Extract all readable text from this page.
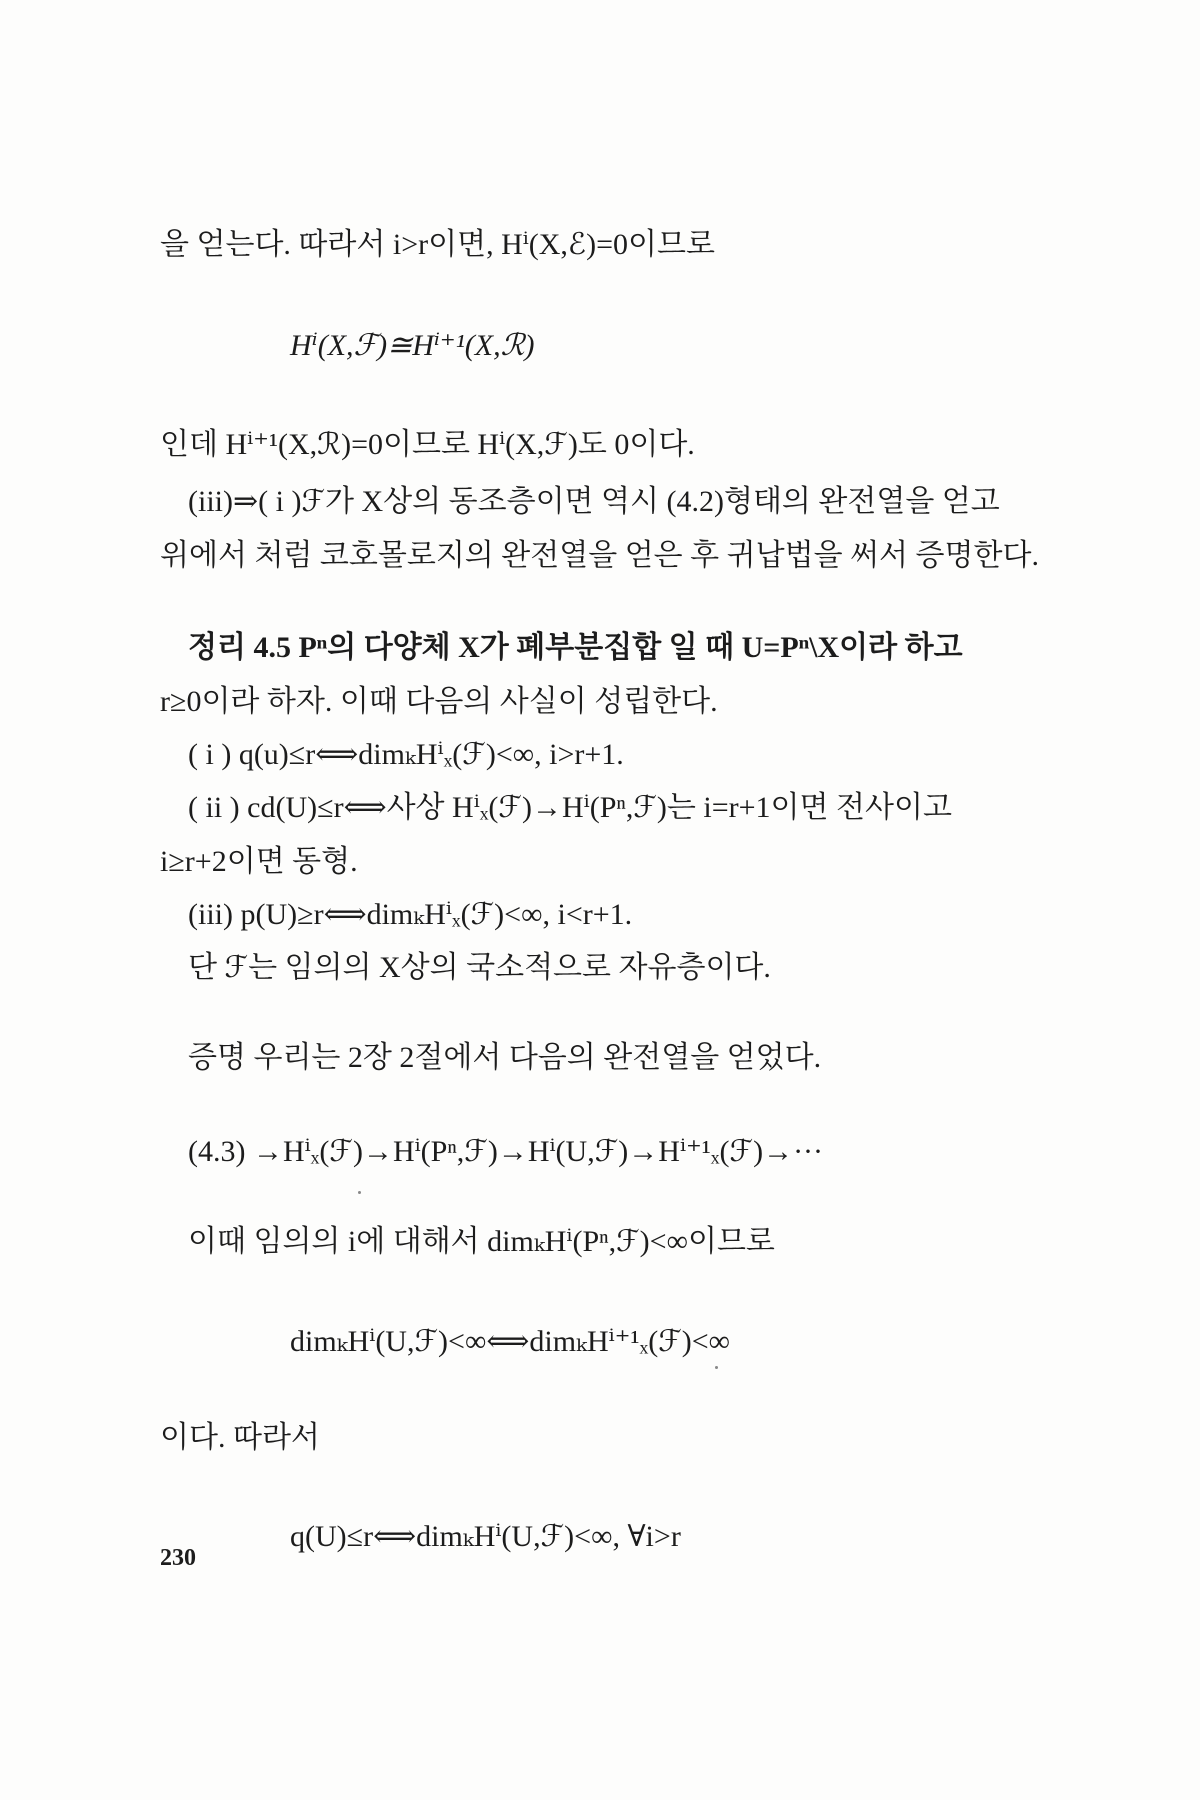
을 얻는다. 따라서 i>r이면, Hⁱ(X,ℰ)=0이므로
Hⁱ(X,ℱ)≅Hⁱ⁺¹(X,ℛ)
인데 Hⁱ⁺¹(X,ℛ)=0이므로 Hⁱ(X,ℱ)도 0이다.
(iii)⇒( i )ℱ가 X상의 동조층이면 역시 (4.2)형태의 완전열을 얻고
위에서 처럼 코호몰로지의 완전열을 얻은 후 귀납법을 써서 증명한다.
정리 4.5 Pⁿ의 다양체 X가 폐부분집합 일 때 U=Pⁿ\X이라 하고
r≥0이라 하자. 이때 다음의 사실이 성립한다.
( i ) q(u)≤r⟺dimₖHⁱₓ(ℱ)<∞, i>r+1.
( ii ) cd(U)≤r⟺사상 Hⁱₓ(ℱ)→Hⁱ(Pⁿ,ℱ)는 i=r+1이면 전사이고
i≥r+2이면 동형.
(iii) p(U)≥r⟺dimₖHⁱₓ(ℱ)<∞, i<r+1.
단 ℱ는 임의의 X상의 국소적으로 자유층이다.
증명 우리는 2장 2절에서 다음의 완전열을 얻었다.
(4.3) →Hⁱₓ(ℱ)→Hⁱ(Pⁿ,ℱ)→Hⁱ(U,ℱ)→Hⁱ⁺¹ₓ(ℱ)→···
이때 임의의 i에 대해서 dimₖHⁱ(Pⁿ,ℱ)<∞이므로
dimₖHⁱ(U,ℱ)<∞⟺dimₖHⁱ⁺¹ₓ(ℱ)<∞
이다. 따라서
q(U)≤r⟺dimₖHⁱ(U,ℱ)<∞, ∀i>r
230
